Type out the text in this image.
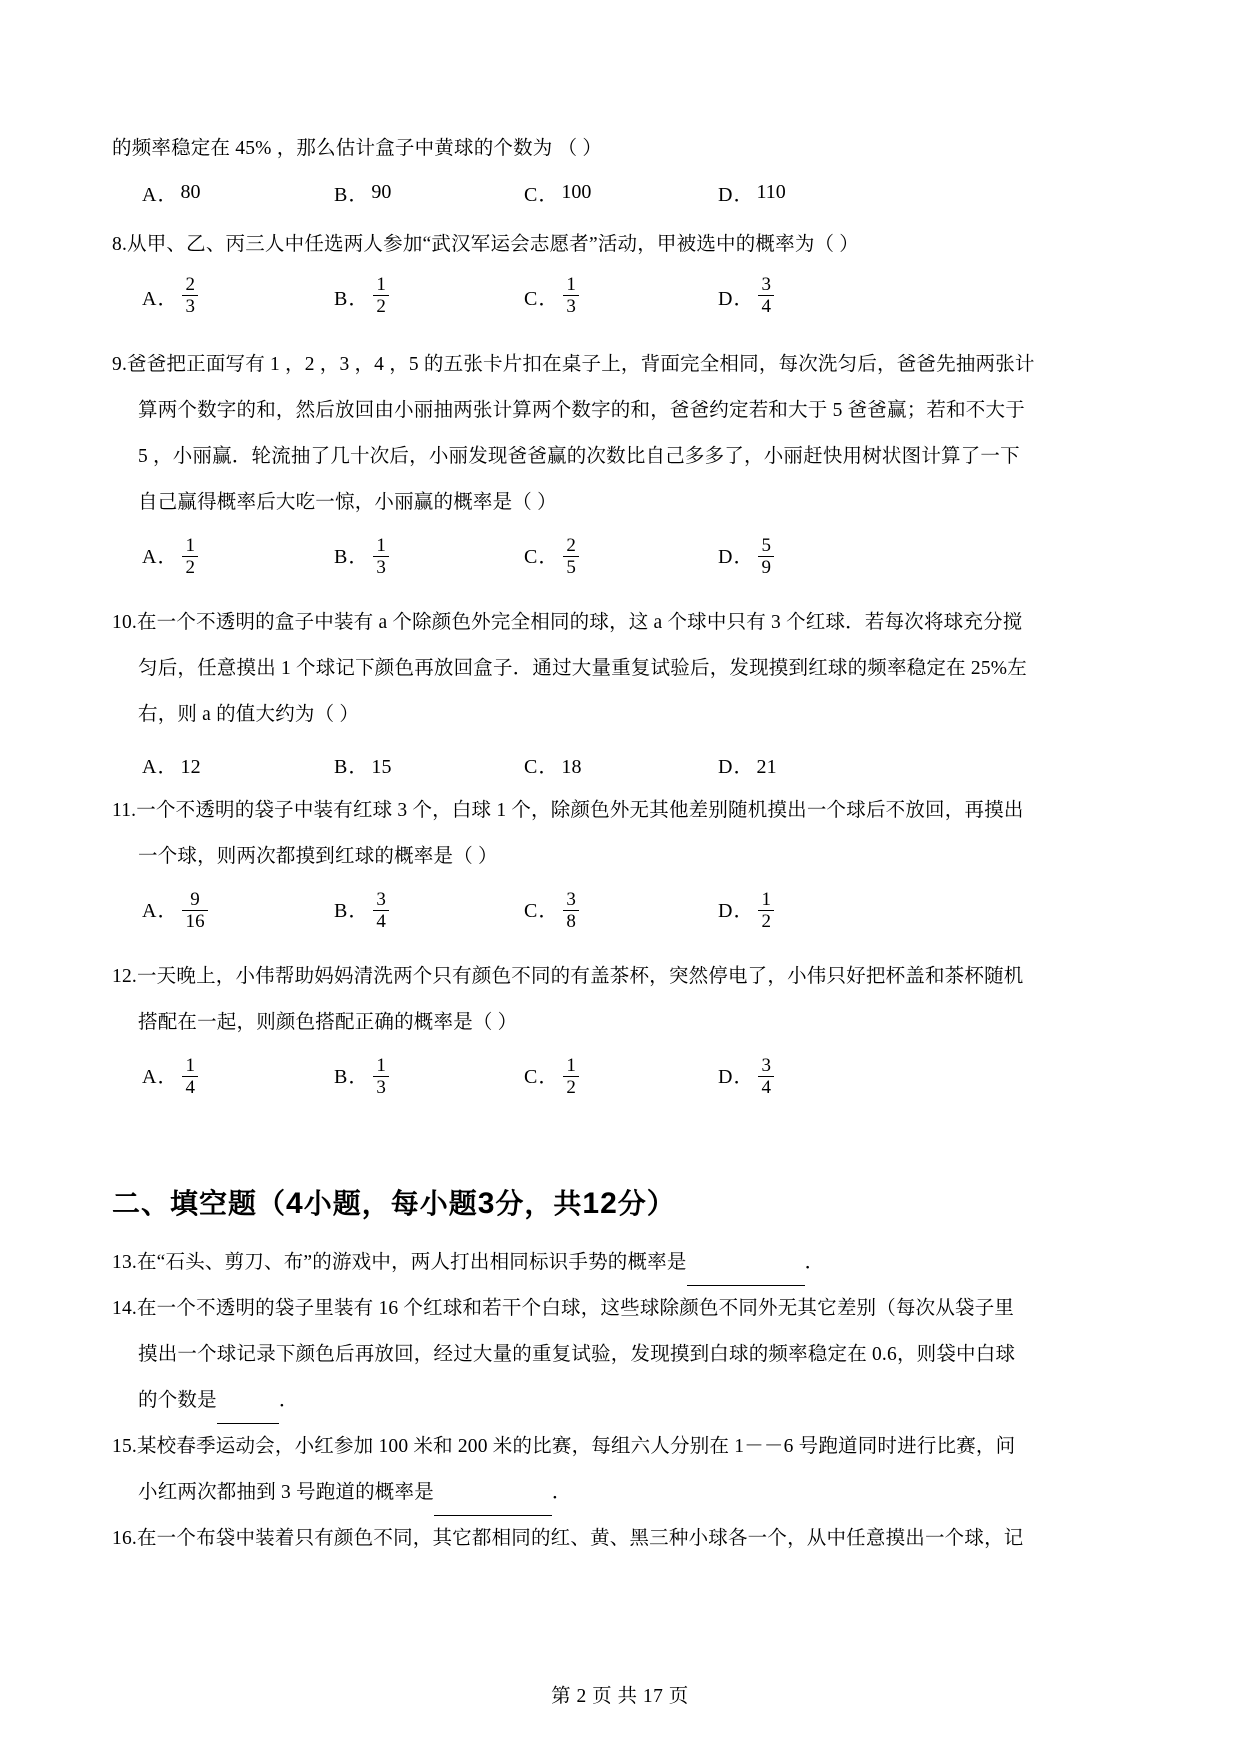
的频率稳定在 45% ，那么估计盒子中黄球的个数为 （ ）
A． 80	B． 90	C． 100	D． 110
8.从甲、乙、丙三人中任选两人参加“武汉军运会志愿者”活动，甲被选中的概率为（ ）
A． $\frac{2}{3}$	B． $\frac{1}{2}$	C． $\frac{1}{3}$	D． $\frac{3}{4}$
9.爸爸把正面写有 1 ，2 ，3 ，4 ，5 的五张卡片扣在桌子上，背面完全相同，每次洗匀后，爸爸先抽两张计
算两个数字的和，然后放回由小丽抽两张计算两个数字的和，爸爸约定若和大于 5 爸爸赢；若和不大于
5 ，小丽赢．轮流抽了几十次后，小丽发现爸爸赢的次数比自己多多了，小丽赶快用树状图计算了一下
自己赢得概率后大吃一惊，小丽赢的概率是（ ）
A． $\frac{1}{2}$	B． $\frac{1}{3}$	C． $\frac{2}{5}$	D． $\frac{5}{9}$
10.在一个不透明的盒子中装有 a 个除颜色外完全相同的球，这 a 个球中只有 3 个红球．若每次将球充分搅
匀后，任意摸出 1 个球记下颜色再放回盒子．通过大量重复试验后，发现摸到红球的频率稳定在 25%左
右，则 a 的值大约为（ ）
A． 12	B． 15	C． 18	D． 21
11.一个不透明的袋子中装有红球 3 个，白球 1 个，除颜色外无其他差别随机摸出一个球后不放回，再摸出
一个球，则两次都摸到红球的概率是（ ）
A． $\frac{9}{16}$	B． $\frac{3}{4}$	C． $\frac{3}{8}$	D． $\frac{1}{2}$
12.一天晚上，小伟帮助妈妈清洗两个只有颜色不同的有盖茶杯，突然停电了，小伟只好把杯盖和茶杯随机
搭配在一起，则颜色搭配正确的概率是（ ）
A． $\frac{1}{4}$	B． $\frac{1}{3}$	C． $\frac{1}{2}$	D． $\frac{3}{4}$
二、填空题（4小题，每小题3分，共12分）
13.在“石头、剪刀、布”的游戏中，两人打出相同标识手势的概率是	．
14.在一个不透明的袋子里装有 16 个红球和若干个白球，这些球除颜色不同外无其它差别（每次从袋子里
摸出一个球记录下颜色后再放回，经过大量的重复试验，发现摸到白球的频率稳定在 0.6，则袋中白球
的个数是	．
15.某校春季运动会，小红参加 100 米和 200 米的比赛，每组六人分别在 1－－6 号跑道同时进行比赛，问
小红两次都抽到 3 号跑道的概率是	．
16.在一个布袋中装着只有颜色不同，其它都相同的红、黄、黑三种小球各一个，从中任意摸出一个球，记
第 2 页 共 17 页
